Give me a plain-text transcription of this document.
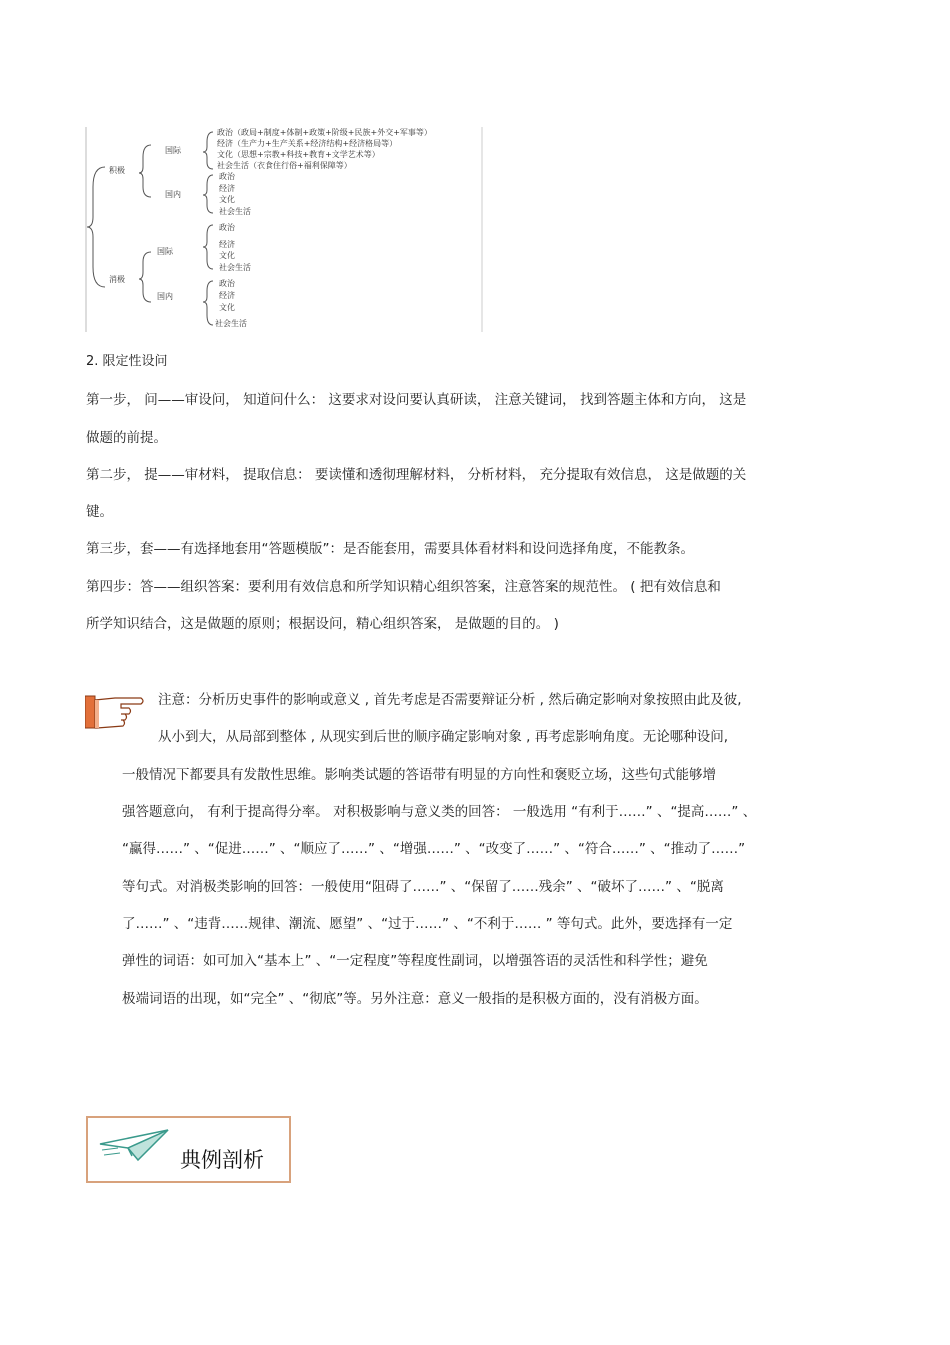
积极
消极
国际
国内
政治（政局+制度+体制+政策+阶级+民族+外交+军事等）
经济（生产力+生产关系+经济结构+经济格局等）
文化（思想+宗教+科技+教育+文学艺术等）
社会生活（衣食住行俗+福利保障等）
政治
经济
文化
社会生活
国际
国内
政治
经济
文化
社会生活
政治
经济
文化
社会生活
2. 限定性设问
第一步， 问——审设问， 知道问什么： 这要求对设问要认真研读， 注意关键词， 找到答题主体和方向， 这是
做题的前提。
第二步， 提——审材料， 提取信息： 要读懂和透彻理解材料， 分析材料， 充分提取有效信息， 这是做题的关
键。
第三步，套——有选择地套用“答题模版”：是否能套用，需要具体看材料和设问选择角度，不能教条。
第四步：答——组织答案：要利用有效信息和所学知识精心组织答案，注意答案的规范性。 ( 把有效信息和
所学知识结合，这是做题的原则；根据设问，精心组织答案， 是做题的目的。 )
注意：分析历史事件的影响或意义 , 首先考虑是否需要辩证分析 , 然后确定影响对象按照由此及彼,
从小到大，从局部到整体 , 从现实到后世的顺序确定影响对象 , 再考虑影响角度。无论哪种设问,
一般情况下都要具有发散性思维。影响类试题的答语带有明显的方向性和褒贬立场，这些句式能够增
强答题意向， 有利于提高得分率。 对积极影响与意义类的回答： 一般选用 “有利于……” 、“提高……” 、
“赢得……” 、“促进……” 、“顺应了……” 、“增强……” 、“改变了……” 、“符合……” 、“推动了……”
等句式。对消极类影响的回答：一般使用“阻碍了……” 、“保留了……残余” 、“破坏了……” 、“脱离
了……” 、“违背……规律、潮流、愿望” 、“过于……” 、“不利于…… ” 等句式。此外，要选择有一定
弹性的词语：如可加入“基本上” 、“一定程度”等程度性副词，以增强答语的灵活性和科学性；避免
极端词语的出现，如“完全” 、“彻底”等。另外注意：意义一般指的是积极方面的，没有消极方面。
典例剖析
